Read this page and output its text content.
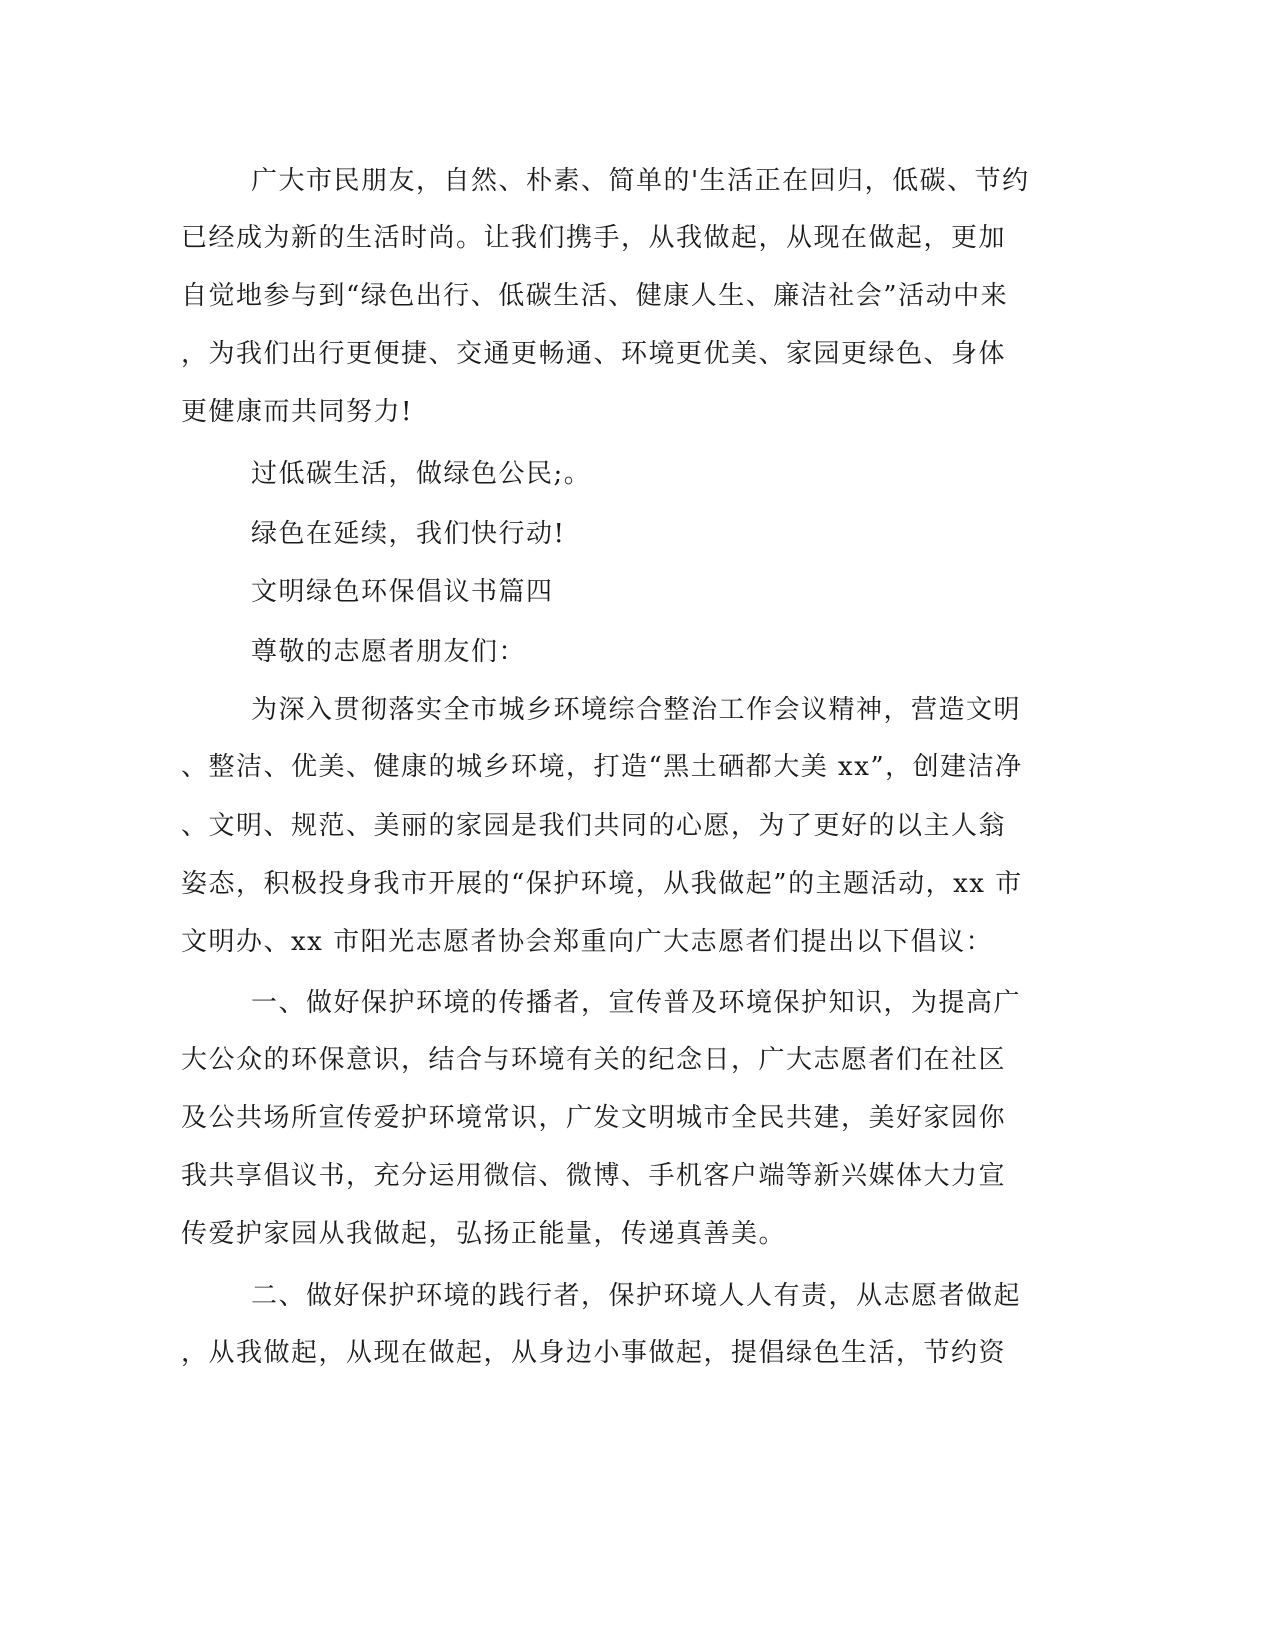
广大市民朋友，自然、朴素、简单的'生活正在回归，低碳、节约
已经成为新的生活时尚。让我们携手，从我做起，从现在做起，更加
自觉地参与到“绿色出行、低碳生活、健康人生、廉洁社会”活动中来
，为我们出行更便捷、交通更畅通、环境更优美、家园更绿色、身体
更健康而共同努力!
过低碳生活，做绿色公民;。
绿色在延续，我们快行动!
文明绿色环保倡议书篇四
尊敬的志愿者朋友们：
为深入贯彻落实全市城乡环境综合整治工作会议精神，营造文明
、整洁、优美、健康的城乡环境，打造“黑土硒都大美 xx”，创建洁净
、文明、规范、美丽的家园是我们共同的心愿，为了更好的以主人翁
姿态，积极投身我市开展的“保护环境，从我做起”的主题活动，xx 市
文明办、xx 市阳光志愿者协会郑重向广大志愿者们提出以下倡议：
一、做好保护环境的传播者，宣传普及环境保护知识，为提高广
大公众的环保意识，结合与环境有关的纪念日，广大志愿者们在社区
及公共场所宣传爱护环境常识，广发文明城市全民共建，美好家园你
我共享倡议书，充分运用微信、微博、手机客户端等新兴媒体大力宣
传爱护家园从我做起，弘扬正能量，传递真善美。
二、做好保护环境的践行者，保护环境人人有责，从志愿者做起
，从我做起，从现在做起，从身边小事做起，提倡绿色生活，节约资
